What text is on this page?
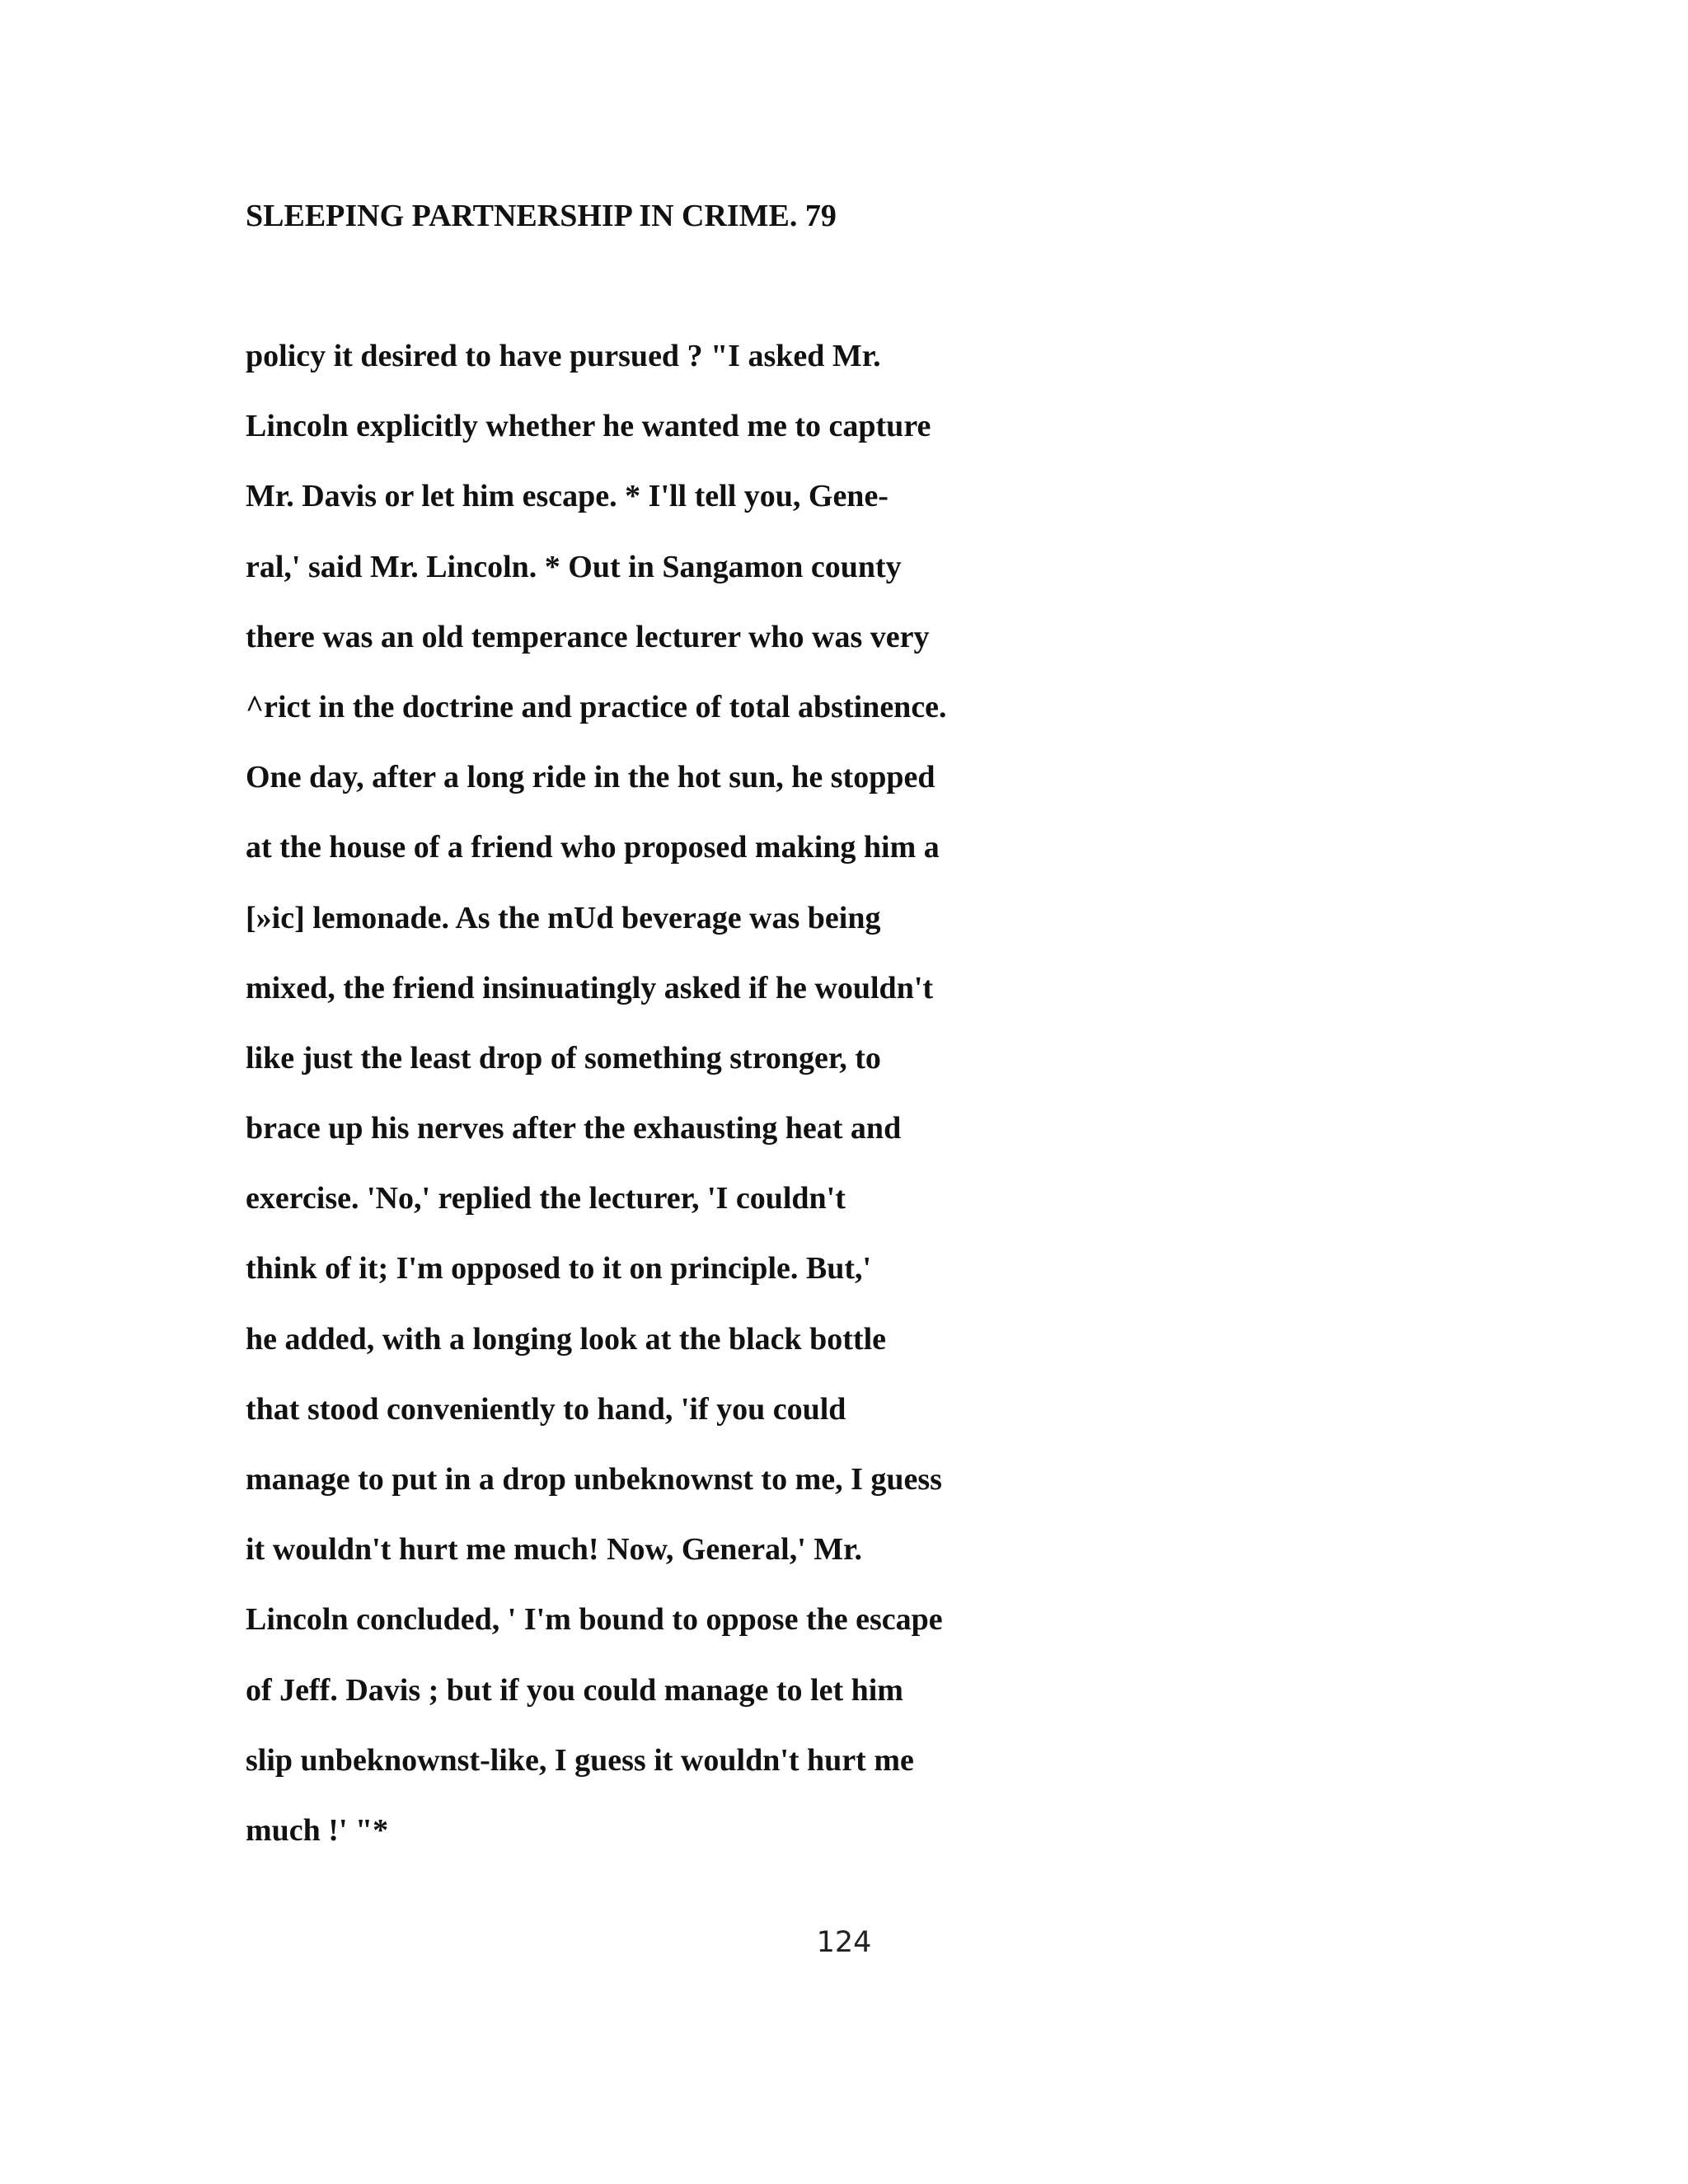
SLEEPING PARTNERSHIP IN CRIME. 79
policy it desired to have pursued ? "I asked Mr.
Lincoln explicitly whether he wanted me to capture
Mr. Davis or let him escape. * I'll tell you, Gene-
ral,' said Mr. Lincoln. * Out in Sangamon county
there was an old temperance lecturer who was very
^rict in the doctrine and practice of total abstinence.
One day, after a long ride in the hot sun, he stopped
at the house of a friend who proposed making him a
[»ic] lemonade. As the mUd beverage was being
mixed, the friend insinuatingly asked if he wouldn't
like just the least drop of something stronger, to
brace up his nerves after the exhausting heat and
exercise. 'No,' replied the lecturer, 'I couldn't
think of it; I'm opposed to it on principle. But,'
he added, with a longing look at the black bottle
that stood conveniently to hand, 'if you could
manage to put in a drop unbeknownst to me, I guess
it wouldn't hurt me much! Now, General,' Mr.
Lincoln concluded, ' I'm bound to oppose the escape
of Jeff. Davis ; but if you could manage to let him
slip unbeknownst-like, I guess it wouldn't hurt me
much !' "*
124
